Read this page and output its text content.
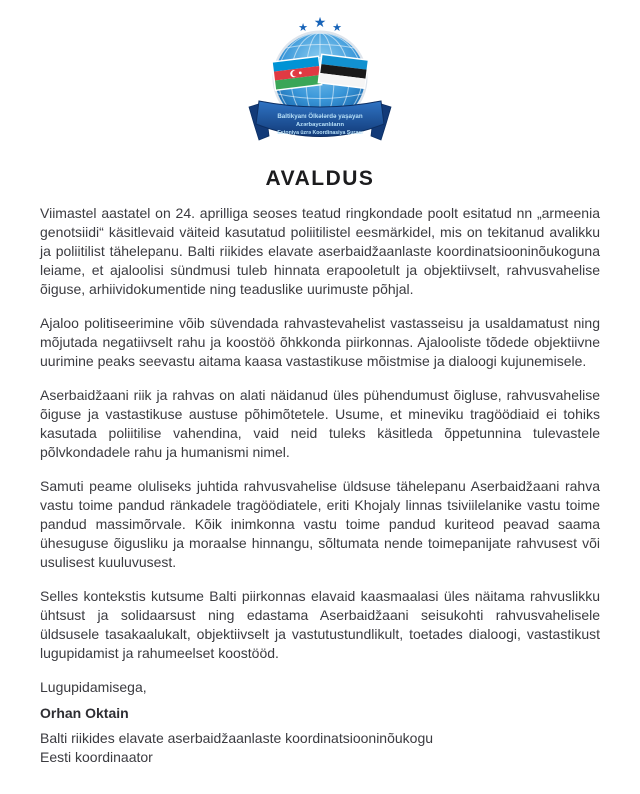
★ ★ ★
Baltikyanı Ölkələrdə yaşayan
Azərbaycanlıların
Estoniya üzrə Koordinasiya Şurası
AVALDUS

Viimastel aastatel on 24. aprilliga seoses teatud ringkondade poolt esitatud nn „armeenia genotsiidi“ käsitlevaid väiteid kasutatud poliitilistel eesmärkidel, mis on tekitanud avalikku ja poliitilist tähelepanu. Balti riikides elavate aserbaidžaanlaste koordinatsiooninõukoguna leiame, et ajaloolisi sündmusi tuleb hinnata erapooletult ja objektiivselt, rahvusvahelise õiguse, arhiividokumentide ning teaduslike uurimuste põhjal.

Ajaloo politiseerimine võib süvendada rahvastevahelist vastasseisu ja usaldamatust ning mõjutada negatiivselt rahu ja koostöö õhkkonda piirkonnas. Ajalooliste tõdede objektiivne uurimine peaks seevastu aitama kaasa vastastikuse mõistmise ja dialoogi kujunemisele.

Aserbaidžaani riik ja rahvas on alati näidanud üles pühendumust õigluse, rahvusvahelise õiguse ja vastastikuse austuse põhimõtetele. Usume, et mineviku tragöödiaid ei tohiks kasutada poliitilise vahendina, vaid neid tuleks käsitleda õppetunnina tulevastele põlvkondadele rahu ja humanismi nimel.

Samuti peame oluliseks juhtida rahvusvahelise üldsuse tähelepanu Aserbaidžaani rahva vastu toime pandud ränkadele tragöödiatele, eriti Khojaly linnas tsiviilelanike vastu toime pandud massimõrvale. Kõik inimkonna vastu toime pandud kuriteod peavad saama ühesuguse õigusliku ja moraalse hinnangu, sõltumata nende toimepanijate rahvusest või usulisest kuuluvusest.

Selles kontekstis kutsume Balti piirkonnas elavaid kaasmaalasi üles näitama rahvuslikku ühtsust ja solidaarsust ning edastama Aserbaidžaani seisukohti rahvusvahelisele üldsusele tasakaalukalt, objektiivselt ja vastutustundlikult, toetades dialoogi, vastastikust lugupidamist ja rahumeelset koostööd.

Lugupidamisega,

Orhan Oktain

Balti riikides elavate aserbaidžaanlaste koordinatsiooninõukogu

Eesti koordinaator
